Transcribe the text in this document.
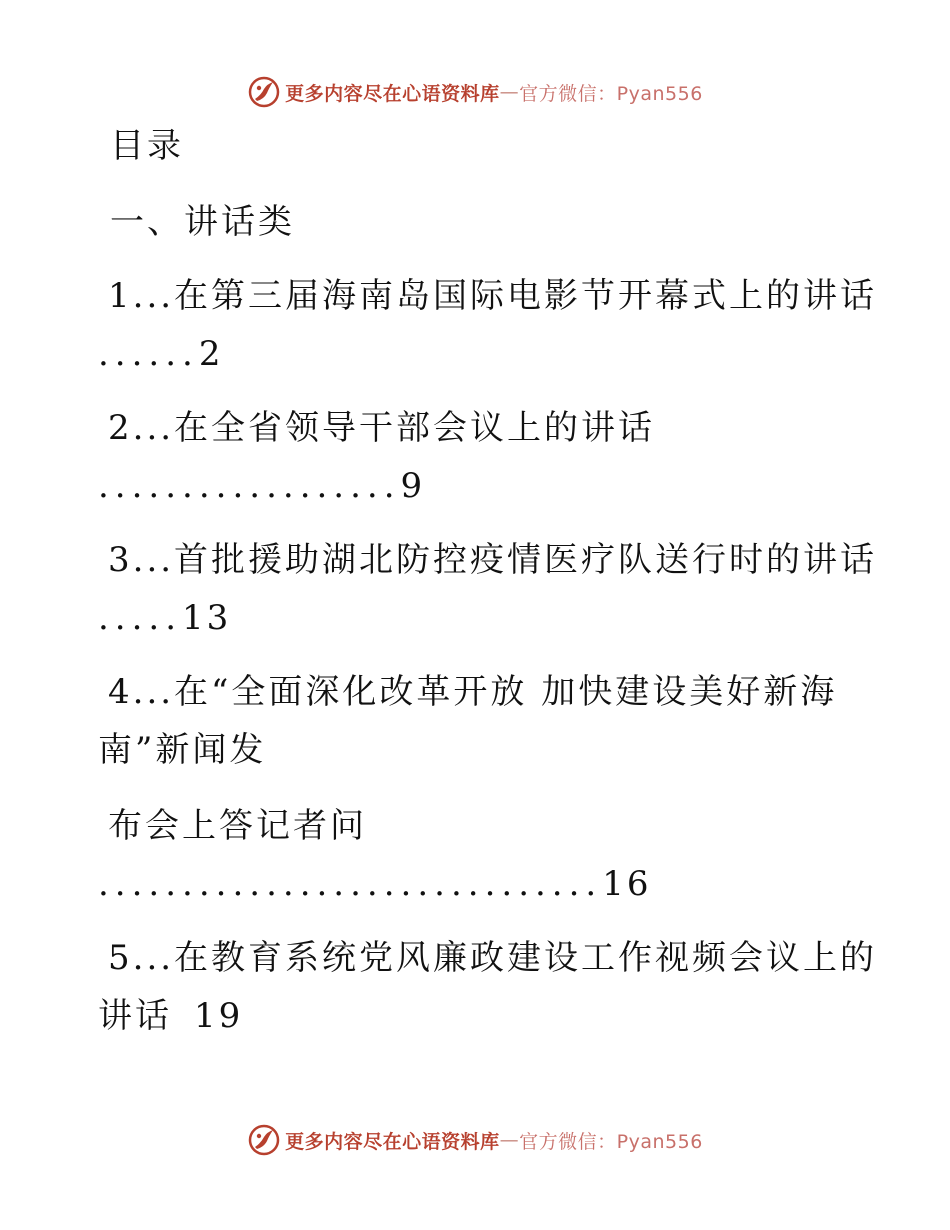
更多内容尽在心语资料库 — 官方微信：Pyan556
目录
一、讲话类
1...在第三届海南岛国际电影节开幕式上的讲话
......2
2...在全省领导干部会议上的讲话
..................9
3...首批援助湖北防控疫情医疗队送行时的讲话
.....13
4...在“全面深化改革开放 加快建设美好新海
南”新闻发
布会上答记者问
..............................16
5...在教育系统党风廉政建设工作视频会议上的
讲话 19
更多内容尽在心语资料库 — 官方微信：Pyan556
